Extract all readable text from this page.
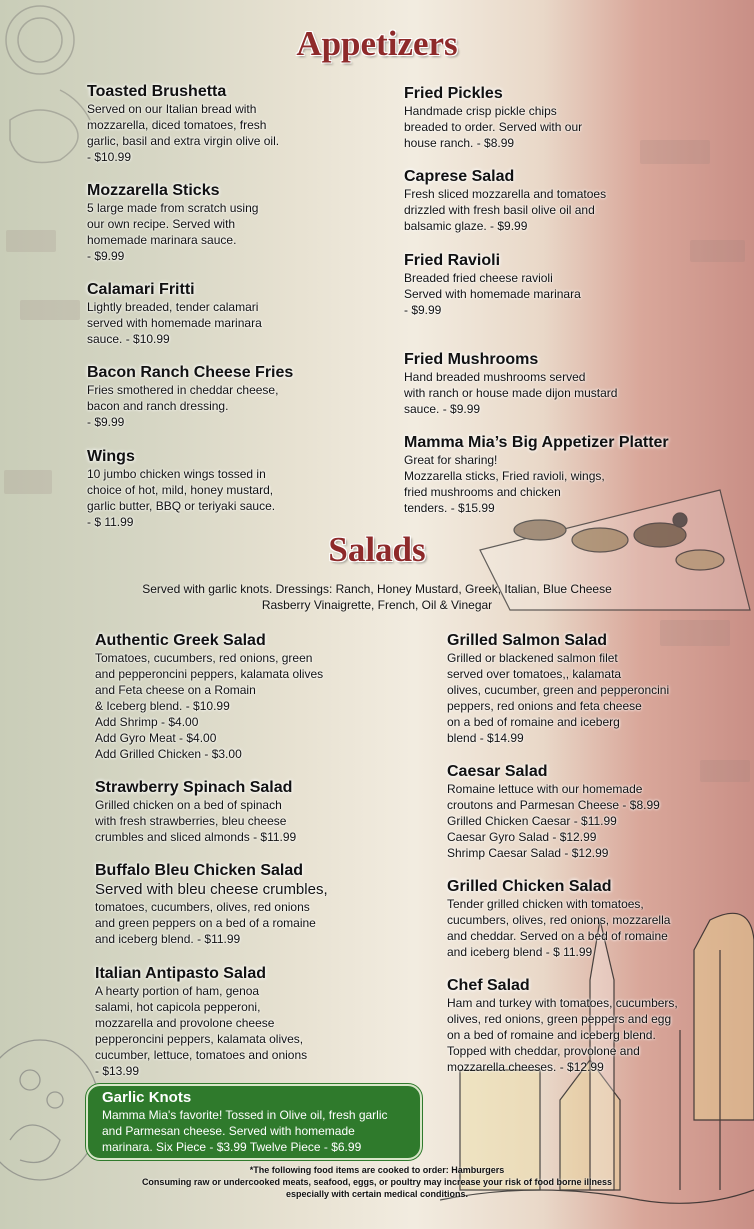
Appetizers
Toasted Brushetta

Served on our Italian bread with
mozzarella, diced tomatoes, fresh
garlic, basil and extra virgin olive oil.
- $10.99

Mozzarella Sticks

5 large made from scratch using
our own recipe. Served with
homemade marinara sauce.
- $9.99

Calamari Fritti

Lightly breaded, tender calamari
served with homemade marinara
sauce. - $10.99

Bacon Ranch Cheese Fries

Fries smothered in cheddar cheese,
bacon and ranch dressing.
- $9.99

Wings

10 jumbo chicken wings tossed in
choice of hot, mild, honey mustard,
garlic butter, BBQ or teriyaki sauce.
- $ 11.99

Fried Pickles

Handmade crisp pickle chips
breaded to order. Served with our
house ranch. - $8.99

Caprese Salad

Fresh sliced mozzarella and tomatoes
drizzled with fresh basil olive oil and
balsamic glaze. - $9.99

Fried Ravioli

Breaded fried cheese ravioli
Served with homemade marinara
- $9.99

Fried Mushrooms

Hand breaded mushrooms served
with ranch or house made dijon mustard
sauce. - $9.99

Mamma Mia’s Big Appetizer Platter

Great for sharing!
Mozzarella sticks, Fried ravioli, wings,
fried mushrooms and chicken
tenders. - $15.99

Salads
Served with garlic knots. Dressings: Ranch, Honey Mustard, Greek, Italian, Blue Cheese
Rasberry Vinaigrette, French, Oil & Vinegar
Authentic Greek Salad

Tomatoes, cucumbers, red onions, green
and pepperoncini peppers, kalamata olives
and Feta cheese on a Romain
& Iceberg blend. - $10.99
Add Shrimp - $4.00
Add Gyro Meat - $4.00
Add Grilled Chicken - $3.00

Strawberry Spinach Salad

Grilled chicken on a bed of spinach
with fresh strawberries, bleu cheese
crumbles and sliced almonds - $11.99

Buffalo Bleu Chicken Salad

Served with bleu cheese crumbles,

tomatoes, cucumbers, olives, red onions
and green peppers on a bed of a romaine
and iceberg blend. - $11.99

Italian Antipasto Salad

A hearty portion of ham, genoa
salami, hot capicola pepperoni,
mozzarella and provolone cheese
pepperoncini peppers, kalamata olives,
cucumber, lettuce, tomatoes and onions
- $13.99

Grilled Salmon Salad

Grilled or blackened salmon filet
served over tomatoes,, kalamata
olives, cucumber, green and pepperoncini
peppers, red onions and feta cheese
on a bed of romaine and iceberg
blend - $14.99

Caesar Salad

Romaine lettuce with our homemade
croutons and Parmesan Cheese - $8.99
Grilled Chicken Caesar - $11.99
Caesar Gyro Salad - $12.99
Shrimp Caesar Salad - $12.99

Grilled Chicken Salad

Tender grilled chicken with tomatoes,
cucumbers, olives, red onions, mozzarella
and cheddar. Served on a bed of romaine
and iceberg blend - $ 11.99

Chef Salad

Ham and turkey with tomatoes, cucumbers,
olives, red onions, green peppers and egg
on a bed of romaine and iceberg blend.
Topped with cheddar, provolone and
mozzarella cheeses. - $12.99

Garlic Knots

Mamma Mia's favorite! Tossed in Olive oil, fresh garlic
and Parmesan cheese. Served with homemade
marinara. Six Piece - $3.99 Twelve Piece - $6.99

*The following food items are cooked to order: Hamburgers
Consuming raw or undercooked meats, seafood, eggs, or poultry may increase your risk of food borne illness
especially with certain medical conditions.
